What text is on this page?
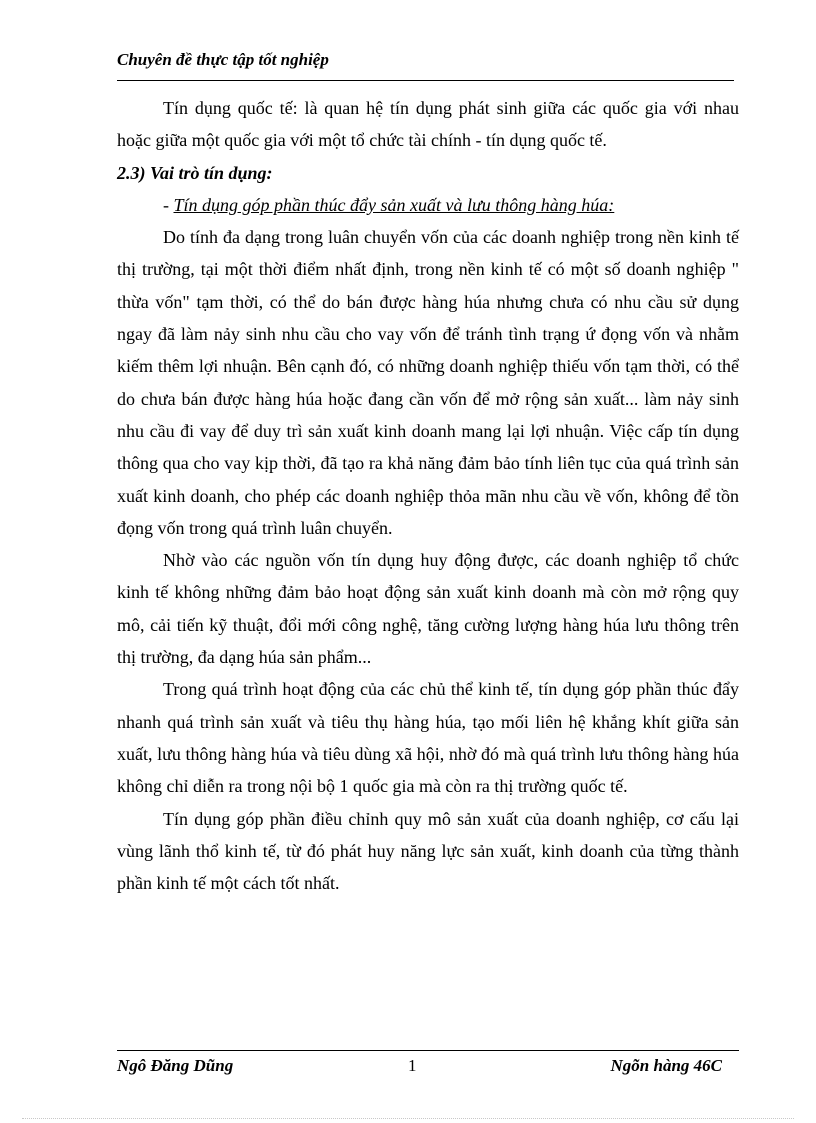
Chuyên đề thực tập tốt nghiệp

Tín dụng quốc tế: là quan hệ tín dụng phát sinh giữa các quốc gia với nhau hoặc giữa một quốc gia với một tổ chức tài chính - tín dụng quốc tế.

2.3) Vai trò tín dụng:

- Tín dụng góp phần thúc đẩy sản xuất và lưu thông hàng húa:

Do tính đa dạng trong luân chuyển vốn của các doanh nghiệp trong nền kinh tế thị trường, tại một thời điểm nhất định, trong nền kinh tế có một số doanh nghiệp " thừa vốn" tạm thời, có thể do bán được hàng húa nhưng chưa có nhu cầu sử dụng ngay đã làm nảy sinh nhu cầu cho vay vốn để tránh tình trạng ứ đọng vốn và nhằm kiếm thêm lợi nhuận. Bên cạnh đó, có những doanh nghiệp thiếu vốn tạm thời, có thể do chưa bán được hàng húa hoặc đang cần vốn để mở rộng sản xuất... làm nảy sinh nhu cầu đi vay để duy trì sản xuất kinh doanh mang lại lợi nhuận. Việc cấp tín dụng thông qua cho vay kịp thời, đã tạo ra khả năng đảm bảo tính liên tục của quá trình sản xuất kinh doanh, cho phép các doanh nghiệp thỏa mãn nhu cầu về vốn, không để tồn đọng vốn trong quá trình luân chuyển.

Nhờ vào các nguồn vốn tín dụng huy động được, các doanh nghiệp tổ chức kinh tế không những đảm bảo hoạt động sản xuất kinh doanh mà còn mở rộng quy mô, cải tiến kỹ thuật, đổi mới công nghệ, tăng cường lượng hàng húa lưu thông trên thị trường, đa dạng húa sản phẩm...

Trong quá trình hoạt động của các chủ thể kinh tế, tín dụng góp phần thúc đẩy nhanh quá trình sản xuất và tiêu thụ hàng húa, tạo mối liên hệ khắng khít giữa sản xuất, lưu thông hàng húa và tiêu dùng xã hội, nhờ đó mà quá trình lưu thông hàng húa không chỉ diễn ra trong nội bộ 1 quốc gia mà còn ra thị trường quốc tế.

Tín dụng góp phần điều chỉnh quy mô sản xuất của doanh nghiệp, cơ cấu lại vùng lãnh thổ kinh tế, từ đó phát huy năng lực sản xuất, kinh doanh của từng thành phần kinh tế một cách tốt nhất.

Ngô Đăng Dũng	1	Ngõn hàng 46C
